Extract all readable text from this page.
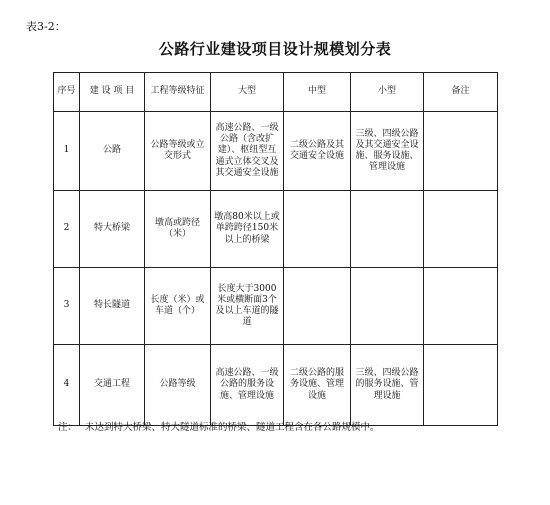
表3-2：
公路行业建设项目设计规模划分表
序号	建 设 项 目	工程等级特征	大型	中型	小型	备注
1	公路	公路等级或立交形式	高速公路、一级公路（含改扩建）、枢纽型互通式立体交叉及其交通安全设施	二级公路及其交通安全设施	三级、四级公路及其交通安全设施、服务设施、管理设施	
2	特大桥梁	墩高或跨径（米）	墩高80米以上或单跨跨径150米以上的桥梁			
3	特长隧道	长度（米）或车道（个）	长度大于3000米或横断面3个及以上车道的隧道			
4	交通工程	公路等级	高速公路、一级公路的服务设施、管理设施	二级公路的服务设施、管理设施	三级、四级公路的服务设施、管理设施	
注： 未达到特大桥梁、特大隧道标准的桥梁、隧道工程含在各公路规模中。
